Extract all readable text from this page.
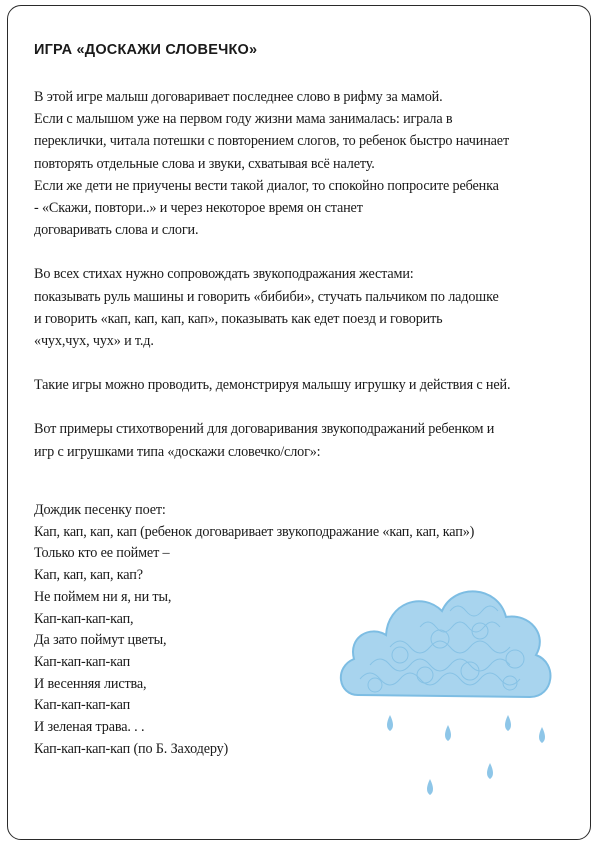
ИГРА «ДОСКАЖИ СЛОВЕЧКО»
В этой игре малыш договаривает последнее слово в рифму за мамой.
Если с малышом уже на первом году жизни мама занималась: играла в
переклички, читала потешки с повторением слогов, то ребенок быстро начинает
повторять отдельные слова и звуки, схватывая всё налету.
Если же дети не приучены вести такой диалог, то спокойно попросите ребенка
- «Скажи, повтори..» и через некоторое время он станет
договаривать слова и слоги.
Во всех стихах нужно сопровождать звукоподражания жестами:
показывать руль машины и говорить «бибиби», стучать пальчиком по ладошке
и говорить «кап, кап, кап, кап», показывать как едет поезд и говорить
«чух,чух, чух» и т.д.
Такие игры можно проводить, демонстрируя малышу игрушку и действия с ней.
Вот примеры стихотворений для договаривания звукоподражаний ребенком и
игр с игрушками типа «доскажи словечко/слог»:
Дождик песенку поет:
Кап, кап, кап, кап (ребенок договаривает звукоподражание «кап, кап, кап»)
Только кто ее поймет –
Кап, кап, кап, кап?
Не поймем ни я, ни ты,
Кап-кап-кап-кап,
Да зато поймут цветы,
Кап-кап-кап-кап
И весенняя листва,
Кап-кап-кап-кап
И зеленая трава. . .
Кап-кап-кап-кап (по Б. Заходеру)
